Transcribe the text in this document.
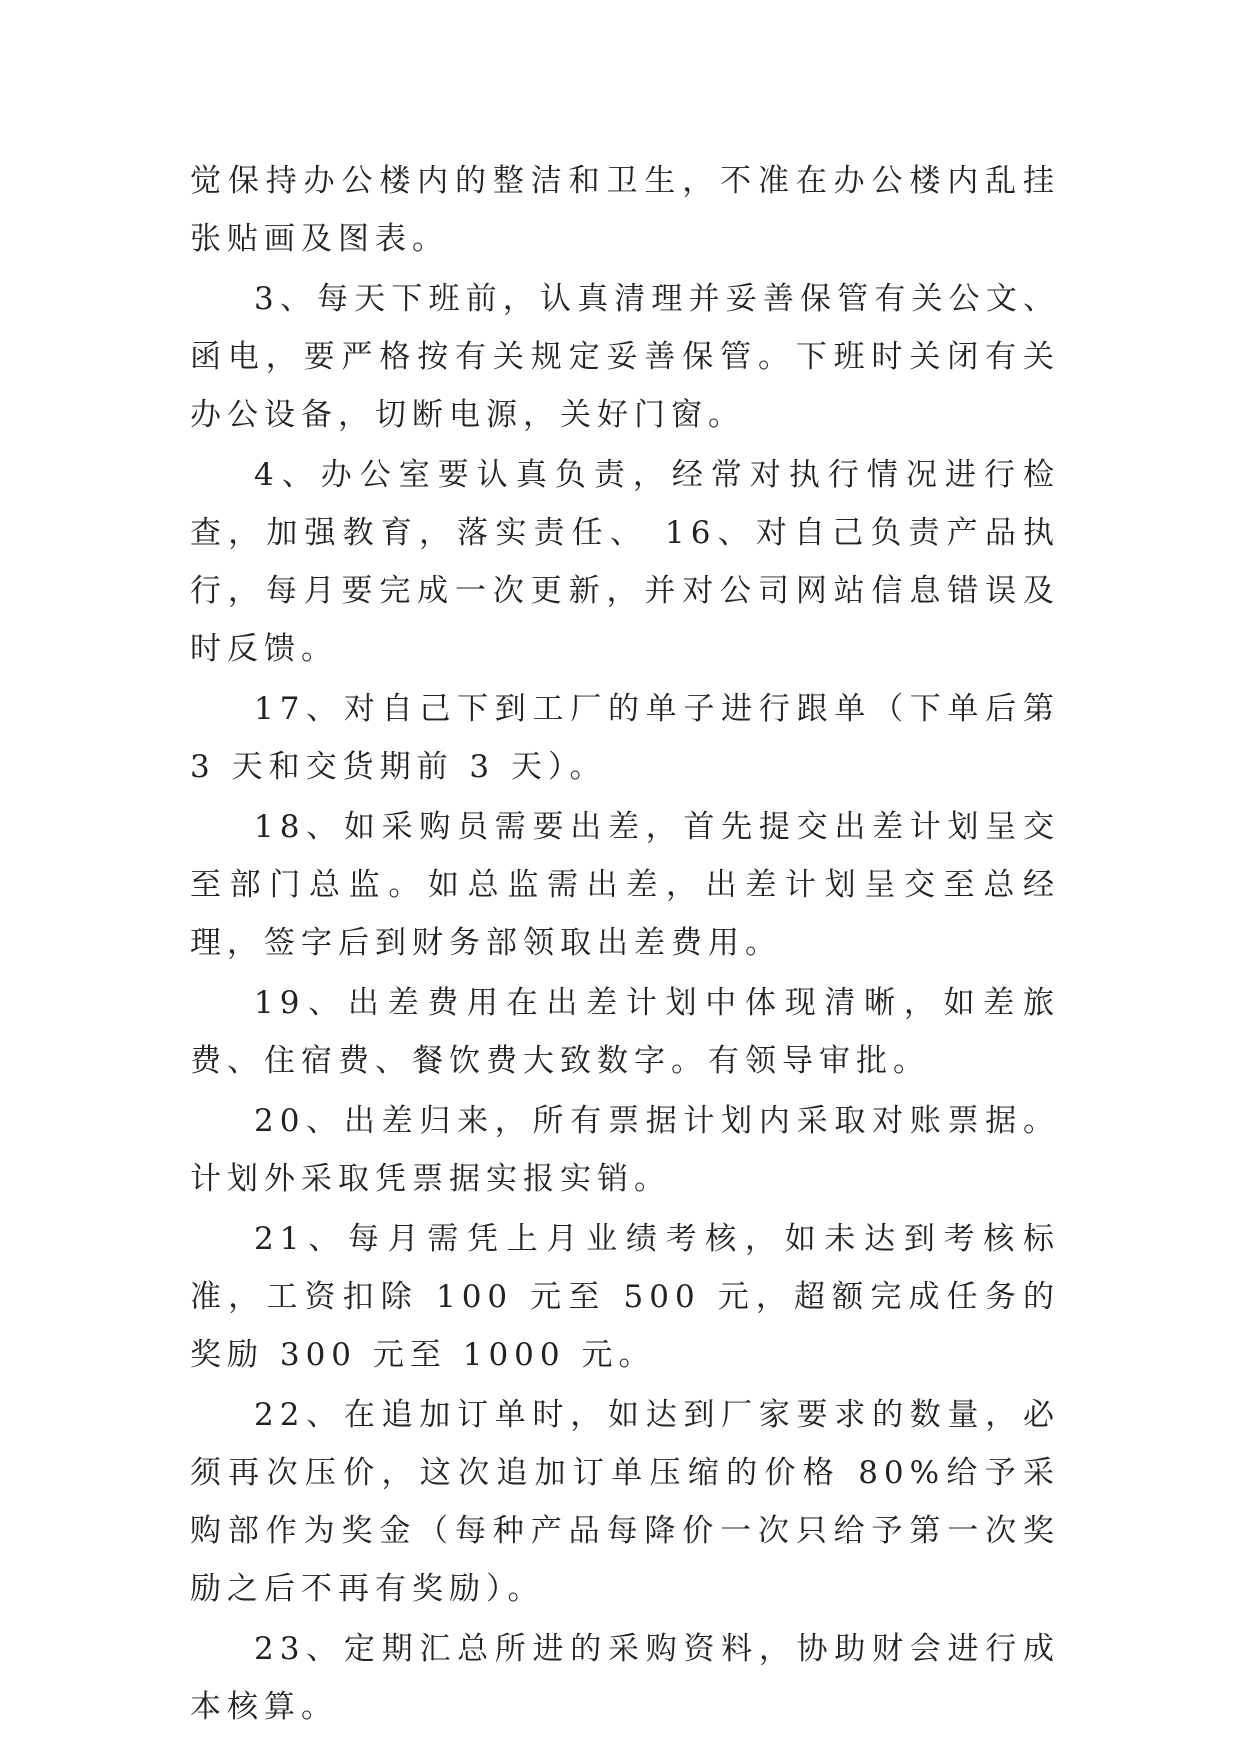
觉保持办公楼内的整洁和卫生，不准在办公楼内乱挂张贴画及图表。

3、每天下班前，认真清理并妥善保管有关公文、函电，要严格按有关规定妥善保管。下班时关闭有关办公设备，切断电源，关好门窗。

4、办公室要认真负责，经常对执行情况进行检查，加强教育，落实责任、 16、对自己负责产品执行，每月要完成一次更新，并对公司网站信息错误及时反馈。

17、对自己下到工厂的单子进行跟单（下单后第 3 天和交货期前 3 天）。

18、如采购员需要出差，首先提交出差计划呈交至部门总监。如总监需出差，出差计划呈交至总经理，签字后到财务部领取出差费用。

19、出差费用在出差计划中体现清晰，如差旅费、住宿费、餐饮费大致数字。有领导审批。

20、出差归来，所有票据计划内采取对账票据。计划外采取凭票据实报实销。

21、每月需凭上月业绩考核，如未达到考核标准，工资扣除 100 元至 500 元，超额完成任务的奖励 300 元至 1000 元。

22、在追加订单时，如达到厂家要求的数量，必须再次压价，这次追加订单压缩的价格 80%给予采购部作为奖金（每种产品每降价一次只给予第一次奖励之后不再有奖励）。

23、定期汇总所进的采购资料，协助财会进行成本核算。
